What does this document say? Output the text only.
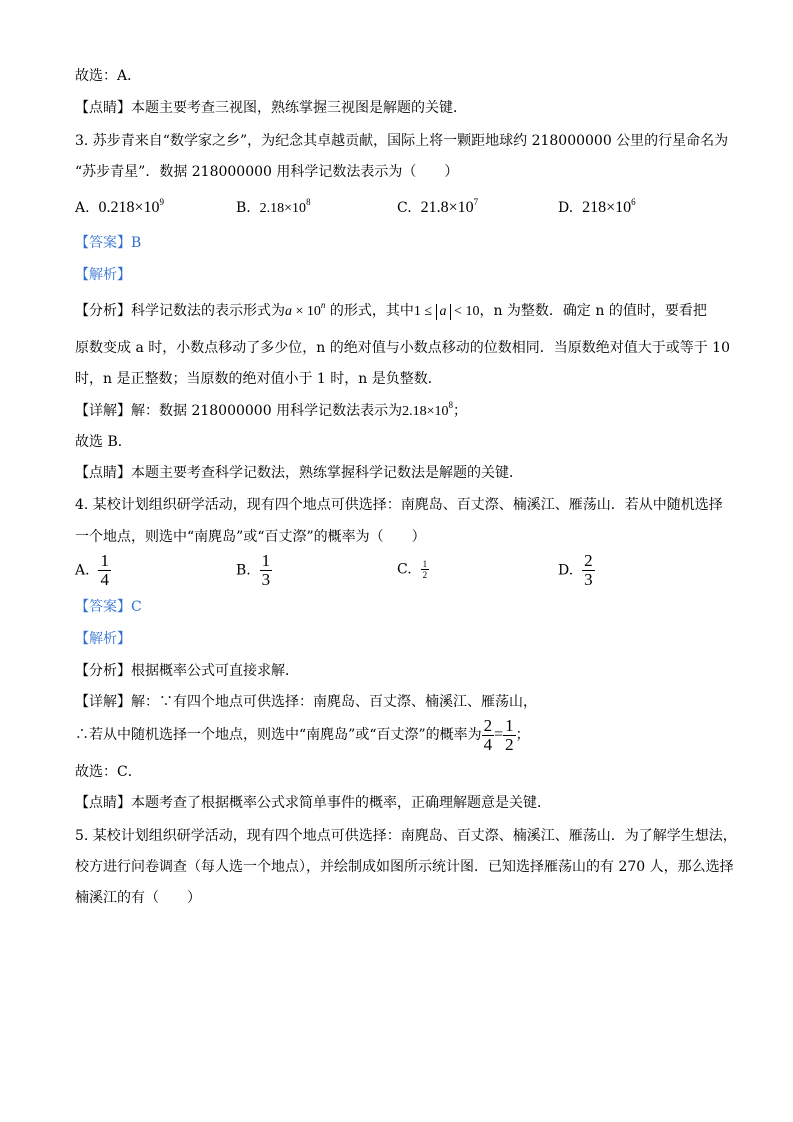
故选：A．
【点睛】本题主要考查三视图，熟练掌握三视图是解题的关键．
3. 苏步青来自“数学家之乡”，为纪念其卓越贡献，国际上将一颗距地球约 218000000 公里的行星命名为
“苏步青星”．数据 218000000 用科学记数法表示为（　　）
A. $0.218\times 10^9$	B. $2.18\times 10^8$	C. $21.8\times 10^7$	D. $218\times 10^6$
【答案】B
【解析】
【分析】科学记数法的表示形式为$a \times 10^n$ 的形式，其中1 ≤ a < 10，n 为整数．确定 n 的值时，要看把
原数变成 a 时，小数点移动了多少位，n 的绝对值与小数点移动的位数相同．当原数绝对值大于或等于 10
时，n 是正整数；当原数的绝对值小于 1 时，n 是负整数．
【详解】解：数据 218000000 用科学记数法表示为$2.18\times 10^8$；
故选 B．
【点睛】本题主要考查科学记数法，熟练掌握科学记数法是解题的关键．
4. 某校计划组织研学活动，现有四个地点可供选择：南麂岛、百丈漈、楠溪江、雁荡山．若从中随机选择
一个地点，则选中“南麂岛”或“百丈漈”的概率为（　　）
A. $\frac{1}{4}$	B. $\frac{1}{3}$	C. $\frac{1}{2}$	D. $\frac{2}{3}$
【答案】C
【解析】
【分析】根据概率公式可直接求解．
【详解】解：∵有四个地点可供选择：南麂岛、百丈漈、楠溪江、雁荡山，
∴若从中随机选择一个地点，则选中“南麂岛”或“百丈漈”的概率为 $\frac{2}{4} = \frac{1}{2}$ ；
故选：C．
【点睛】本题考查了根据概率公式求简单事件的概率，正确理解题意是关键．
5. 某校计划组织研学活动，现有四个地点可供选择：南麂岛、百丈漈、楠溪江、雁荡山．为了解学生想法，
校方进行问卷调查（每人选一个地点），并绘制成如图所示统计图．已知选择雁荡山的有 270 人，那么选择
楠溪江的有（　　）
